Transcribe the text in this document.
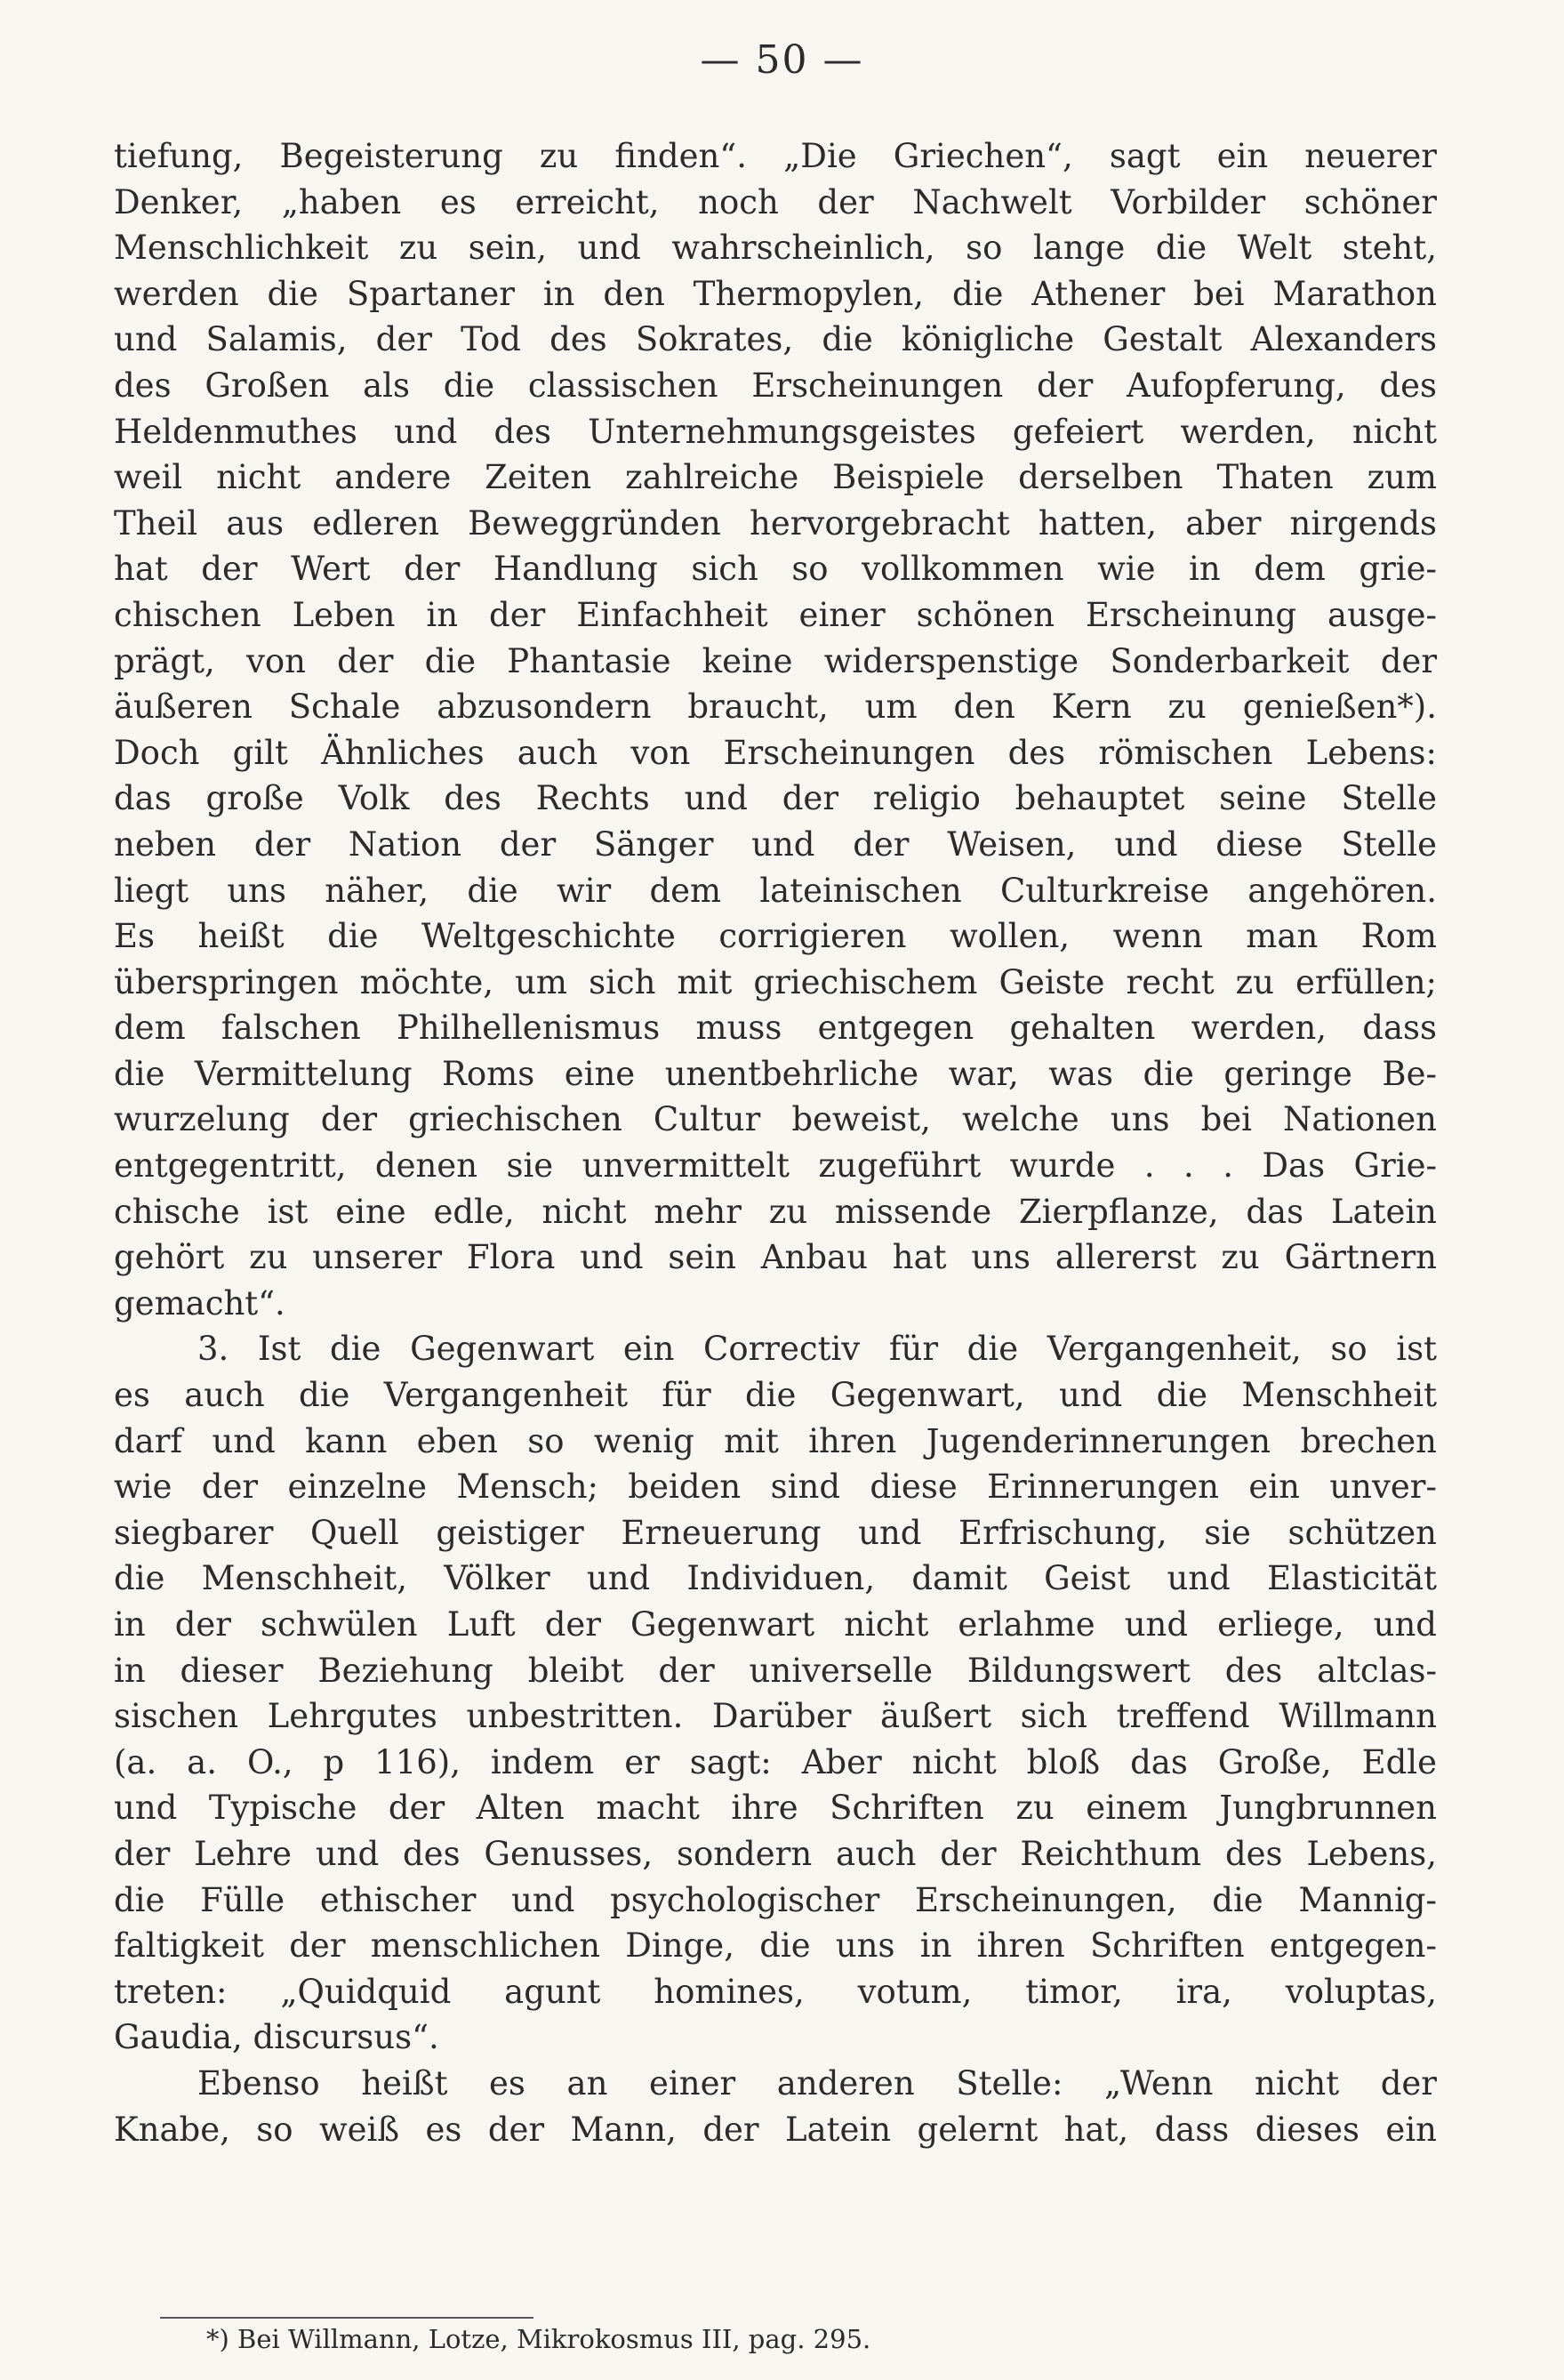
— 50 —
tiefung, Begeisterung zu finden“. „Die Griechen“, sagt ein neuerer
Denker, „haben es erreicht, noch der Nachwelt Vorbilder schöner
Menschlichkeit zu sein, und wahrscheinlich, so lange die Welt steht,
werden die Spartaner in den Thermopylen, die Athener bei Marathon
und Salamis, der Tod des Sokrates, die königliche Gestalt Alexanders
des Großen als die classischen Erscheinungen der Aufopferung, des
Heldenmuthes und des Unternehmungsgeistes gefeiert werden, nicht
weil nicht andere Zeiten zahlreiche Beispiele derselben Thaten zum
Theil aus edleren Beweggründen hervorgebracht hatten, aber nirgends
hat der Wert der Handlung sich so vollkommen wie in dem grie-
chischen Leben in der Einfachheit einer schönen Erscheinung ausge-
prägt, von der die Phantasie keine widerspenstige Sonderbarkeit der
äußeren Schale abzusondern braucht, um den Kern zu genießen*).
Doch gilt Ähnliches auch von Erscheinungen des römischen Lebens:
das große Volk des Rechts und der religio behauptet seine Stelle
neben der Nation der Sänger und der Weisen, und diese Stelle
liegt uns näher, die wir dem lateinischen Culturkreise angehören.
Es heißt die Weltgeschichte corrigieren wollen, wenn man Rom
überspringen möchte, um sich mit griechischem Geiste recht zu erfüllen;
dem falschen Philhellenismus muss entgegen gehalten werden, dass
die Vermittelung Roms eine unentbehrliche war, was die geringe Be-
wurzelung der griechischen Cultur beweist, welche uns bei Nationen
entgegentritt, denen sie unvermittelt zugeführt wurde . . . Das Grie-
chische ist eine edle, nicht mehr zu missende Zierpflanze, das Latein
gehört zu unserer Flora und sein Anbau hat uns allererst zu Gärtnern
gemacht“.
3. Ist die Gegenwart ein Correctiv für die Vergangenheit, so ist
es auch die Vergangenheit für die Gegenwart, und die Menschheit
darf und kann eben so wenig mit ihren Jugenderinnerungen brechen
wie der einzelne Mensch; beiden sind diese Erinnerungen ein unver-
siegbarer Quell geistiger Erneuerung und Erfrischung, sie schützen
die Menschheit, Völker und Individuen, damit Geist und Elasticität
in der schwülen Luft der Gegenwart nicht erlahme und erliege, und
in dieser Beziehung bleibt der universelle Bildungswert des altclas-
sischen Lehrgutes unbestritten. Darüber äußert sich treffend Willmann
(a. a. O., p 116), indem er sagt: Aber nicht bloß das Große, Edle
und Typische der Alten macht ihre Schriften zu einem Jungbrunnen
der Lehre und des Genusses, sondern auch der Reichthum des Lebens,
die Fülle ethischer und psychologischer Erscheinungen, die Mannig-
faltigkeit der menschlichen Dinge, die uns in ihren Schriften entgegen-
treten: „Quidquid agunt homines, votum, timor, ira, voluptas,
Gaudia, discursus“.
Ebenso heißt es an einer anderen Stelle: „Wenn nicht der
Knabe, so weiß es der Mann, der Latein gelernt hat, dass dieses ein
*) Bei Willmann, Lotze, Mikrokosmus III, pag. 295.
